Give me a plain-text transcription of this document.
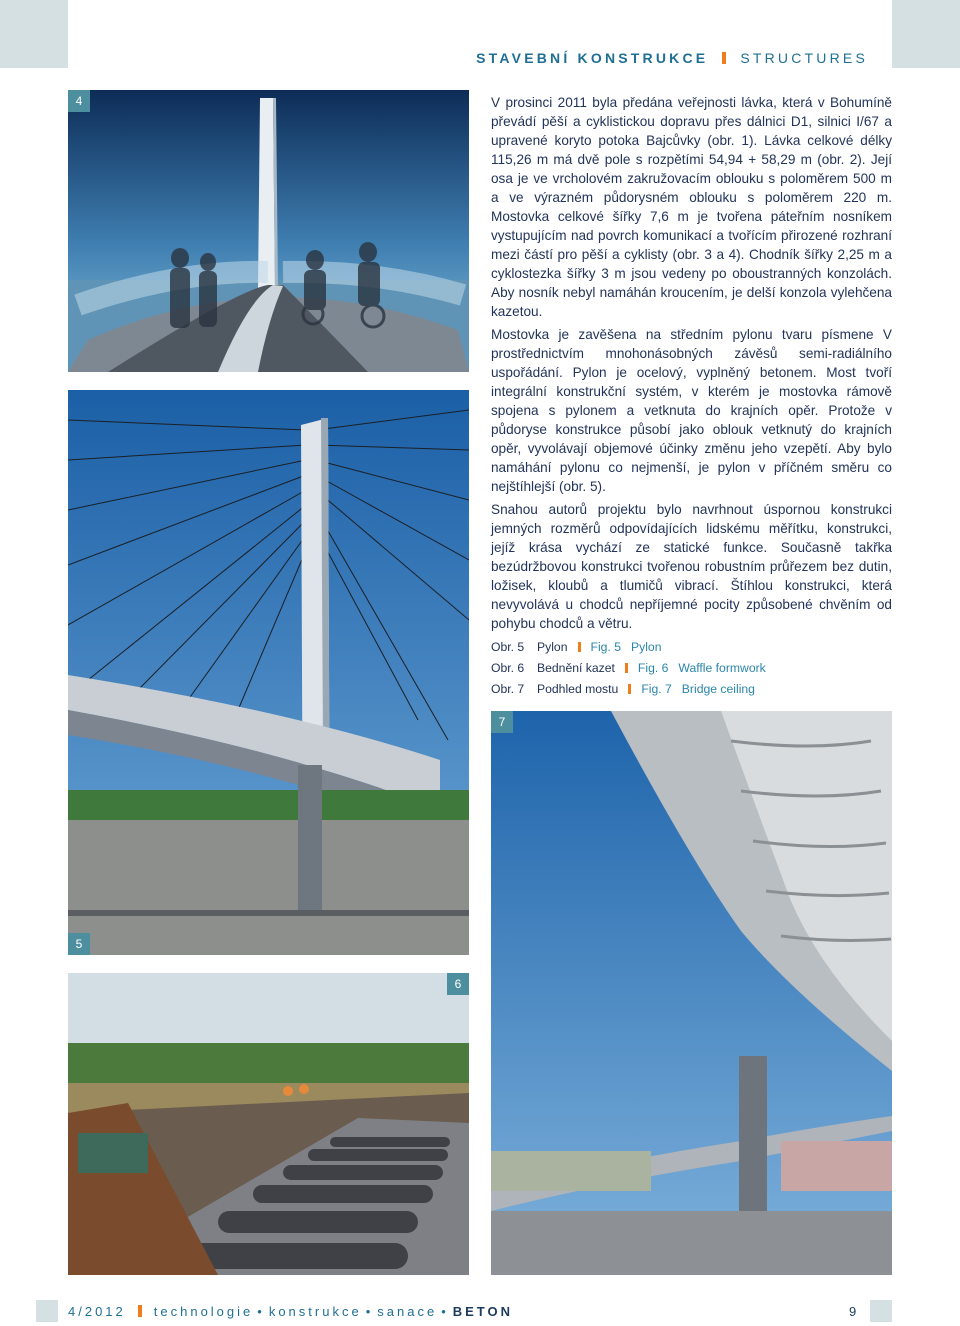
STAVEBNÍ KONSTRUKCE STRUCTURES
4
5
6
7

V prosinci 2011 byla předána veřejnosti lávka, která v Bohumíně převádí pěší a cyklistickou dopravu přes dálnici D1, silnici I/67 a upravené koryto potoka Bajcůvky (obr. 1). Lávka celkové délky 115,26 m má dvě pole s rozpětími 54,94 + 58,29 m (obr. 2). Její osa je ve vrcholovém zakružovacím oblouku s poloměrem 500 m a ve výrazném půdorysném oblouku s poloměrem 220 m. Mostovka celkové šířky 7,6 m je tvořena páteřním nosníkem vystupujícím nad povrch komunikací a tvořícím přirozené rozhraní mezi částí pro pěší a cyklisty (obr. 3 a 4). Chodník šířky 2,25 m a cyklostezka šířky 3 m jsou vedeny po oboustranných konzolách. Aby nosník nebyl namáhán kroucením, je delší konzola vylehčena kazetou.

Mostovka je zavěšena na středním pylonu tvaru písmene V prostřednictvím mnohonásobných závěsů semi-radiálního uspořádání. Pylon je ocelový, vyplněný betonem. Most tvoří integrální konstrukční systém, v kterém je mostovka rámově spojena s pylonem a vetknuta do krajních opěr. Protože v půdoryse konstrukce působí jako oblouk vetknutý do krajních opěr, vyvolávají objemové účinky změnu jeho vzepětí. Aby bylo namáhání pylonu co nejmenší, je pylon v příčném směru co nejštíhlejší (obr. 5).

Snahou autorů projektu bylo navrhnout úspornou konstrukci jemných rozměrů odpovídajících lidskému měřítku, konstrukci, jejíž krása vychází ze statické funkce. Současně takřka bezúdržbovou konstrukci tvořenou robustním průřezem bez dutin, ložisek, kloubů a tlumičů vibrací. Štíhlou konstrukci, která nevyvolává u chodců nepříjemné pocity způsobené chvěním od pohybu chodců a větru.

Obr. 5 Pylon Fig. 5 Pylon
Obr. 6 Bednění kazet Fig. 6 Waffle formwork
Obr. 7 Podhled mostu Fig. 7 Bridge ceiling
4/2012 technologie • konstrukce • sanace • BETON	9
